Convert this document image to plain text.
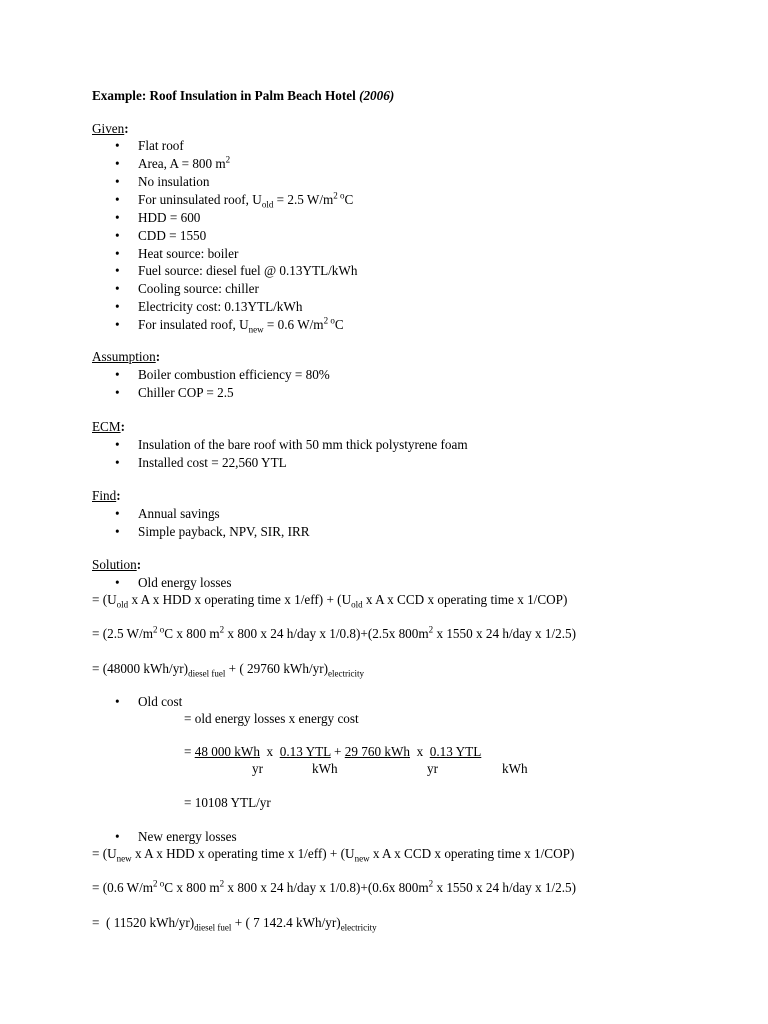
Example: Roof Insulation in Palm Beach Hotel (2006)
Given:
• Flat roof
• Area, A = 800 $m^2$
• No insulation
• For uninsulated roof, $U_{old} = 2.5$ $W/m^2$ $^o$C
• HDD = 600
• CDD = 1550
• Heat source: boiler
• Fuel source: diesel fuel @ 0.13YTL/kWh
• Cooling source: chiller
• Electricity cost: 0.13YTL/kWh
• For insulated roof, $U_{new} = 0.6$ $W/m^2$ $^o$C
Assumption:
• Boiler combustion efficiency = 80%
• Chiller COP = 2.5
ECM:
• Insulation of the bare roof with 50 mm thick polystyrene foam
• Installed cost = 22,560 YTL
Find:
• Annual savings
• Simple payback, NPV, SIR, IRR
Solution:
• Old energy losses
= ($U_{old}$ x A x HDD x operating time x $1/eff) + (U_{old}$ x A x CCD x operating time x 1/COP)
= (2.5 $W/m^2$ $^o$C x 800 $m^2$ x 800 x 24 h/day x 1/0.8)+(2.5x $800m^2$ x 1550 x 24 h/day x 1/2.5)
= (48000 kWh/$yr)_{diesel fuel}$ + ( 29760 kWh/$yr)_{electricity}$
• Old cost
= old energy losses x energy cost
= 48 000 kWh  x  0.13 YTL + 29 760 kWh  x  0.13 YTL
yr	kWh	yr	kWh
= 10108 YTL/yr
• New energy losses
= ($U_{new}$ x A x HDD x operating time x $1/eff) + (U_{new}$ x A x CCD x operating time x 1/COP)
= (0.6 $W/m^2$ $^o$C x 800 $m^2$ x 800 x 24 h/day x 1/0.8)+(0.6x $800m^2$ x 1550 x 24 h/day x 1/2.5)
=  ( 11520 kWh/$yr)_{diesel fuel}$ + ( 7 142.4 kWh/$yr)_{electricity}$
